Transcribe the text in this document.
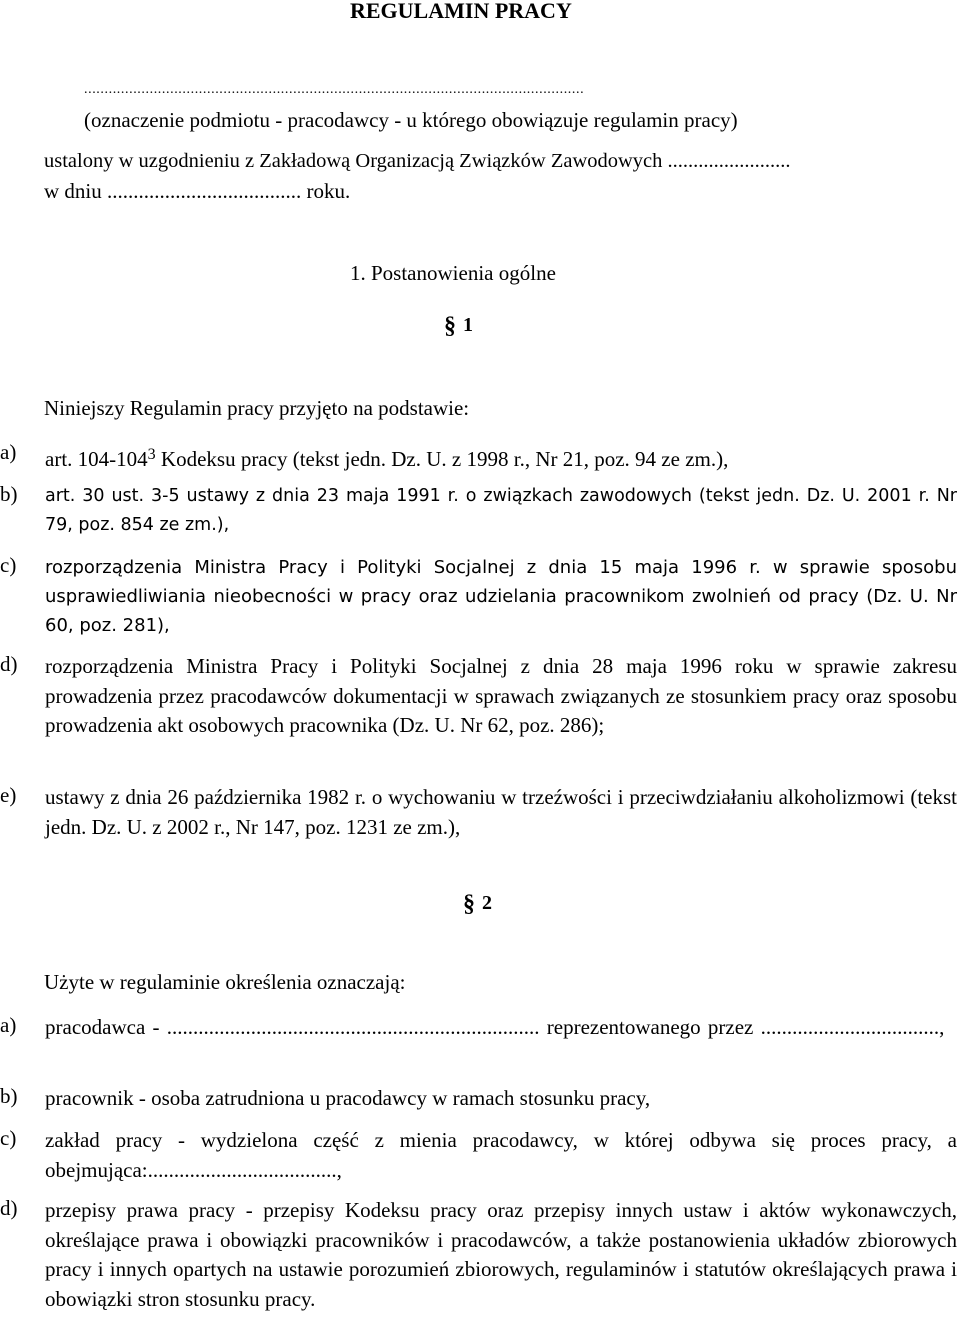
REGULAMIN PRACY
..........................................................................................................................
(oznaczenie podmiotu - pracodawcy - u którego obowiązuje regulamin pracy)
ustalony w uzgodnieniu z Zakładową Organizacją Związków Zawodowych ........................
w dniu ..................................... roku.
1. Postanowienia ogólne
1
Niniejszy Regulamin pracy przyjęto na podstawie:
a) art. $104-104^3$ Kodeksu pracy (tekst jedn. Dz. U. z 1998 r., Nr 21, poz. 94 ze zm.),
b) art. 30 ust. 3-5 ustawy z dnia 23 maja 1991 r. o związkach zawodowych (tekst jedn. Dz. U. 2001 r. Nr 79, poz. 854 ze zm.),
c) rozporządzenia Ministra Pracy i Polityki Socjalnej z dnia 15 maja 1996 r. w sprawie sposobu usprawiedliwiania nieobecności w pracy oraz udzielania pracownikom zwolnień od pracy (Dz. U. Nr 60, poz. 281),
d) rozporządzenia Ministra Pracy i Polityki Socjalnej z dnia 28 maja 1996 roku w sprawie zakresu prowadzenia przez pracodawców dokumentacji w sprawach związanych ze stosunkiem pracy oraz sposobu prowadzenia akt osobowych pracownika (Dz. U. Nr 62, poz. 286);
e) ustawy z dnia 26 października 1982 r. o wychowaniu w trzeźwości i przeciwdziałaniu alkoholizmowi (tekst jedn. Dz. U. z 2002 r., Nr 147, poz. 1231 ze zm.),
2
Użyte w regulaminie określenia oznaczają:
a) pracodawca - ....................................................................... reprezentowanego przez ..................................,
b) pracownik - osoba zatrudniona u pracodawcy w ramach stosunku pracy,
c) zakład pracy - wydzielona część z mienia pracodawcy, w której odbywa się proces pracy, a obejmująca:....................................,
d) przepisy prawa pracy - przepisy Kodeksu pracy oraz przepisy innych ustaw i aktów wykonawczych, określające prawa i obowiązki pracowników i pracodawców, a także postanowienia układów zbiorowych pracy i innych opartych na ustawie porozumień zbiorowych, regulaminów i statutów określających prawa i obowiązki stron stosunku pracy.
§
§
